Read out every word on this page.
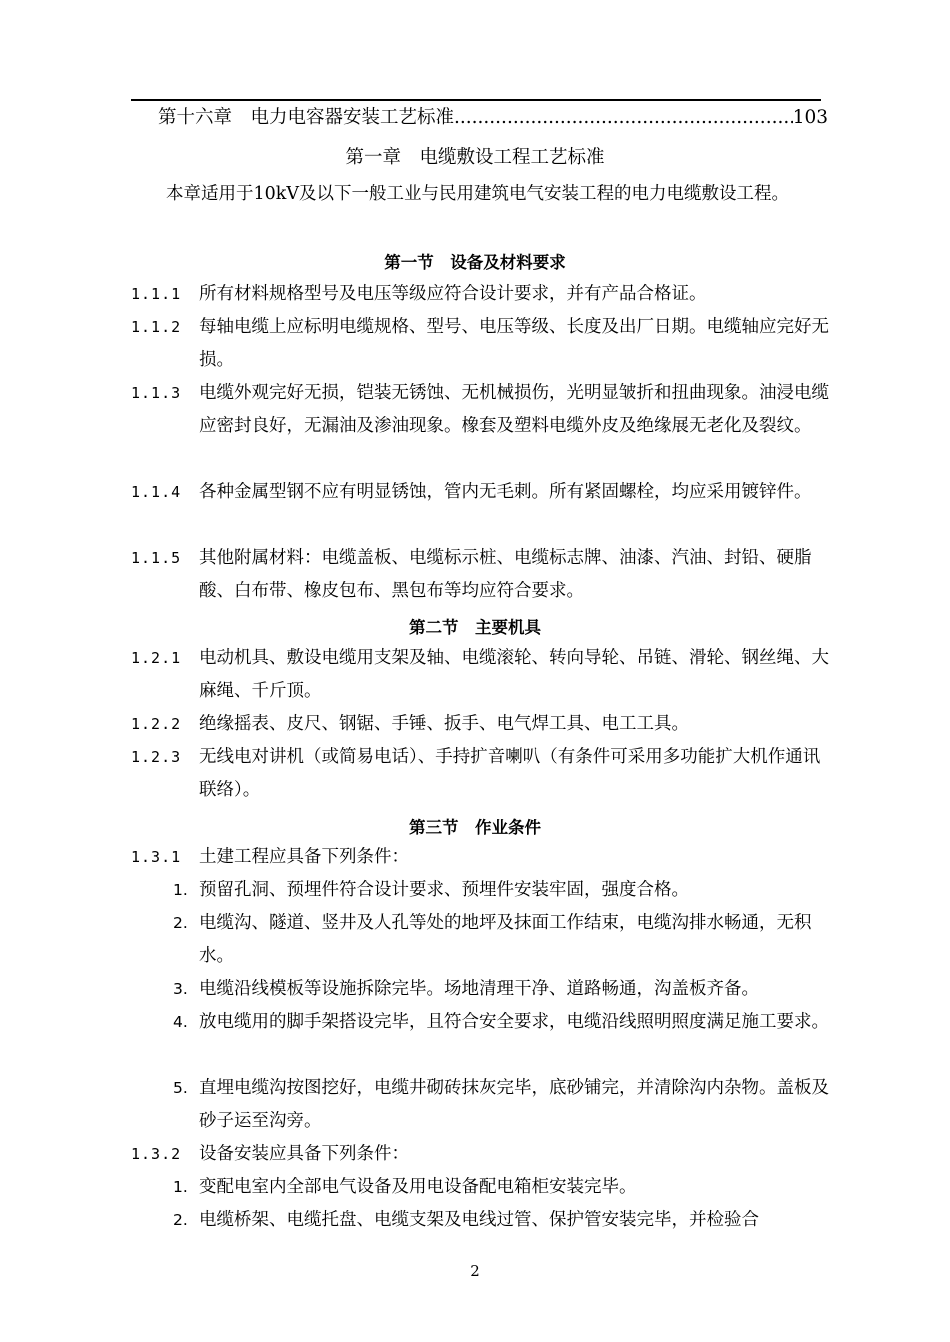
第十六章　电力电容器安装工艺标准
.....	103
第一章　电缆敷设工程工艺标准
本章适用于10kV及以下一般工业与民用建筑电气安装工程的电力电缆敷设工程。
第一节　设备及材料要求
1.1.1 所有材料规格型号及电压等级应符合设计要求，并有产品合格证。
1.1.2 每轴电缆上应标明电缆规格、型号、电压等级、长度及出厂日期。电缆轴应完好无损。
1.1.3 电缆外观完好无损，铠装无锈蚀、无机械损伤，光明显皱折和扭曲现象。油浸电缆应密封良好，无漏油及渗油现象。橡套及塑料电缆外皮及绝缘展无老化及裂纹。
1.1.4 各种金属型钢不应有明显锈蚀，管内无毛刺。所有紧固螺栓，均应采用镀锌件。
1.1.5 其他附属材料：电缆盖板、电缆标示桩、电缆标志牌、油漆、汽油、封铅、硬脂酸、白布带、橡皮包布、黑包布等均应符合要求。
第二节　主要机具
1.2.1 电动机具、敷设电缆用支架及轴、电缆滚轮、转向导轮、吊链、滑轮、钢丝绳、大麻绳、千斤顶。
1.2.2 绝缘摇表、皮尺、钢锯、手锤、扳手、电气焊工具、电工工具。
1.2.3 无线电对讲机（或简易电话）、手持扩音喇叭（有条件可采用多功能扩大机作通讯联络）。
第三节　作业条件
1.3.1 土建工程应具备下列条件：
1. 预留孔洞、预埋件符合设计要求、预埋件安装牢固，强度合格。
2. 电缆沟、隧道、竖井及人孔等处的地坪及抹面工作结束，电缆沟排水畅通，无积水。
3. 电缆沿线模板等设施拆除完毕。场地清理干净、道路畅通，沟盖板齐备。
4. 放电缆用的脚手架搭设完毕，且符合安全要求，电缆沿线照明照度满足施工要求。
5. 直埋电缆沟按图挖好，电缆井砌砖抹灰完毕，底砂铺完，并清除沟内杂物。盖板及砂子运至沟旁。
1.3.2 设备安装应具备下列条件：
1. 变配电室内全部电气设备及用电设备配电箱柜安装完毕。
2. 电缆桥架、电缆托盘、电缆支架及电线过管、保护管安装完毕，并检验合
2
